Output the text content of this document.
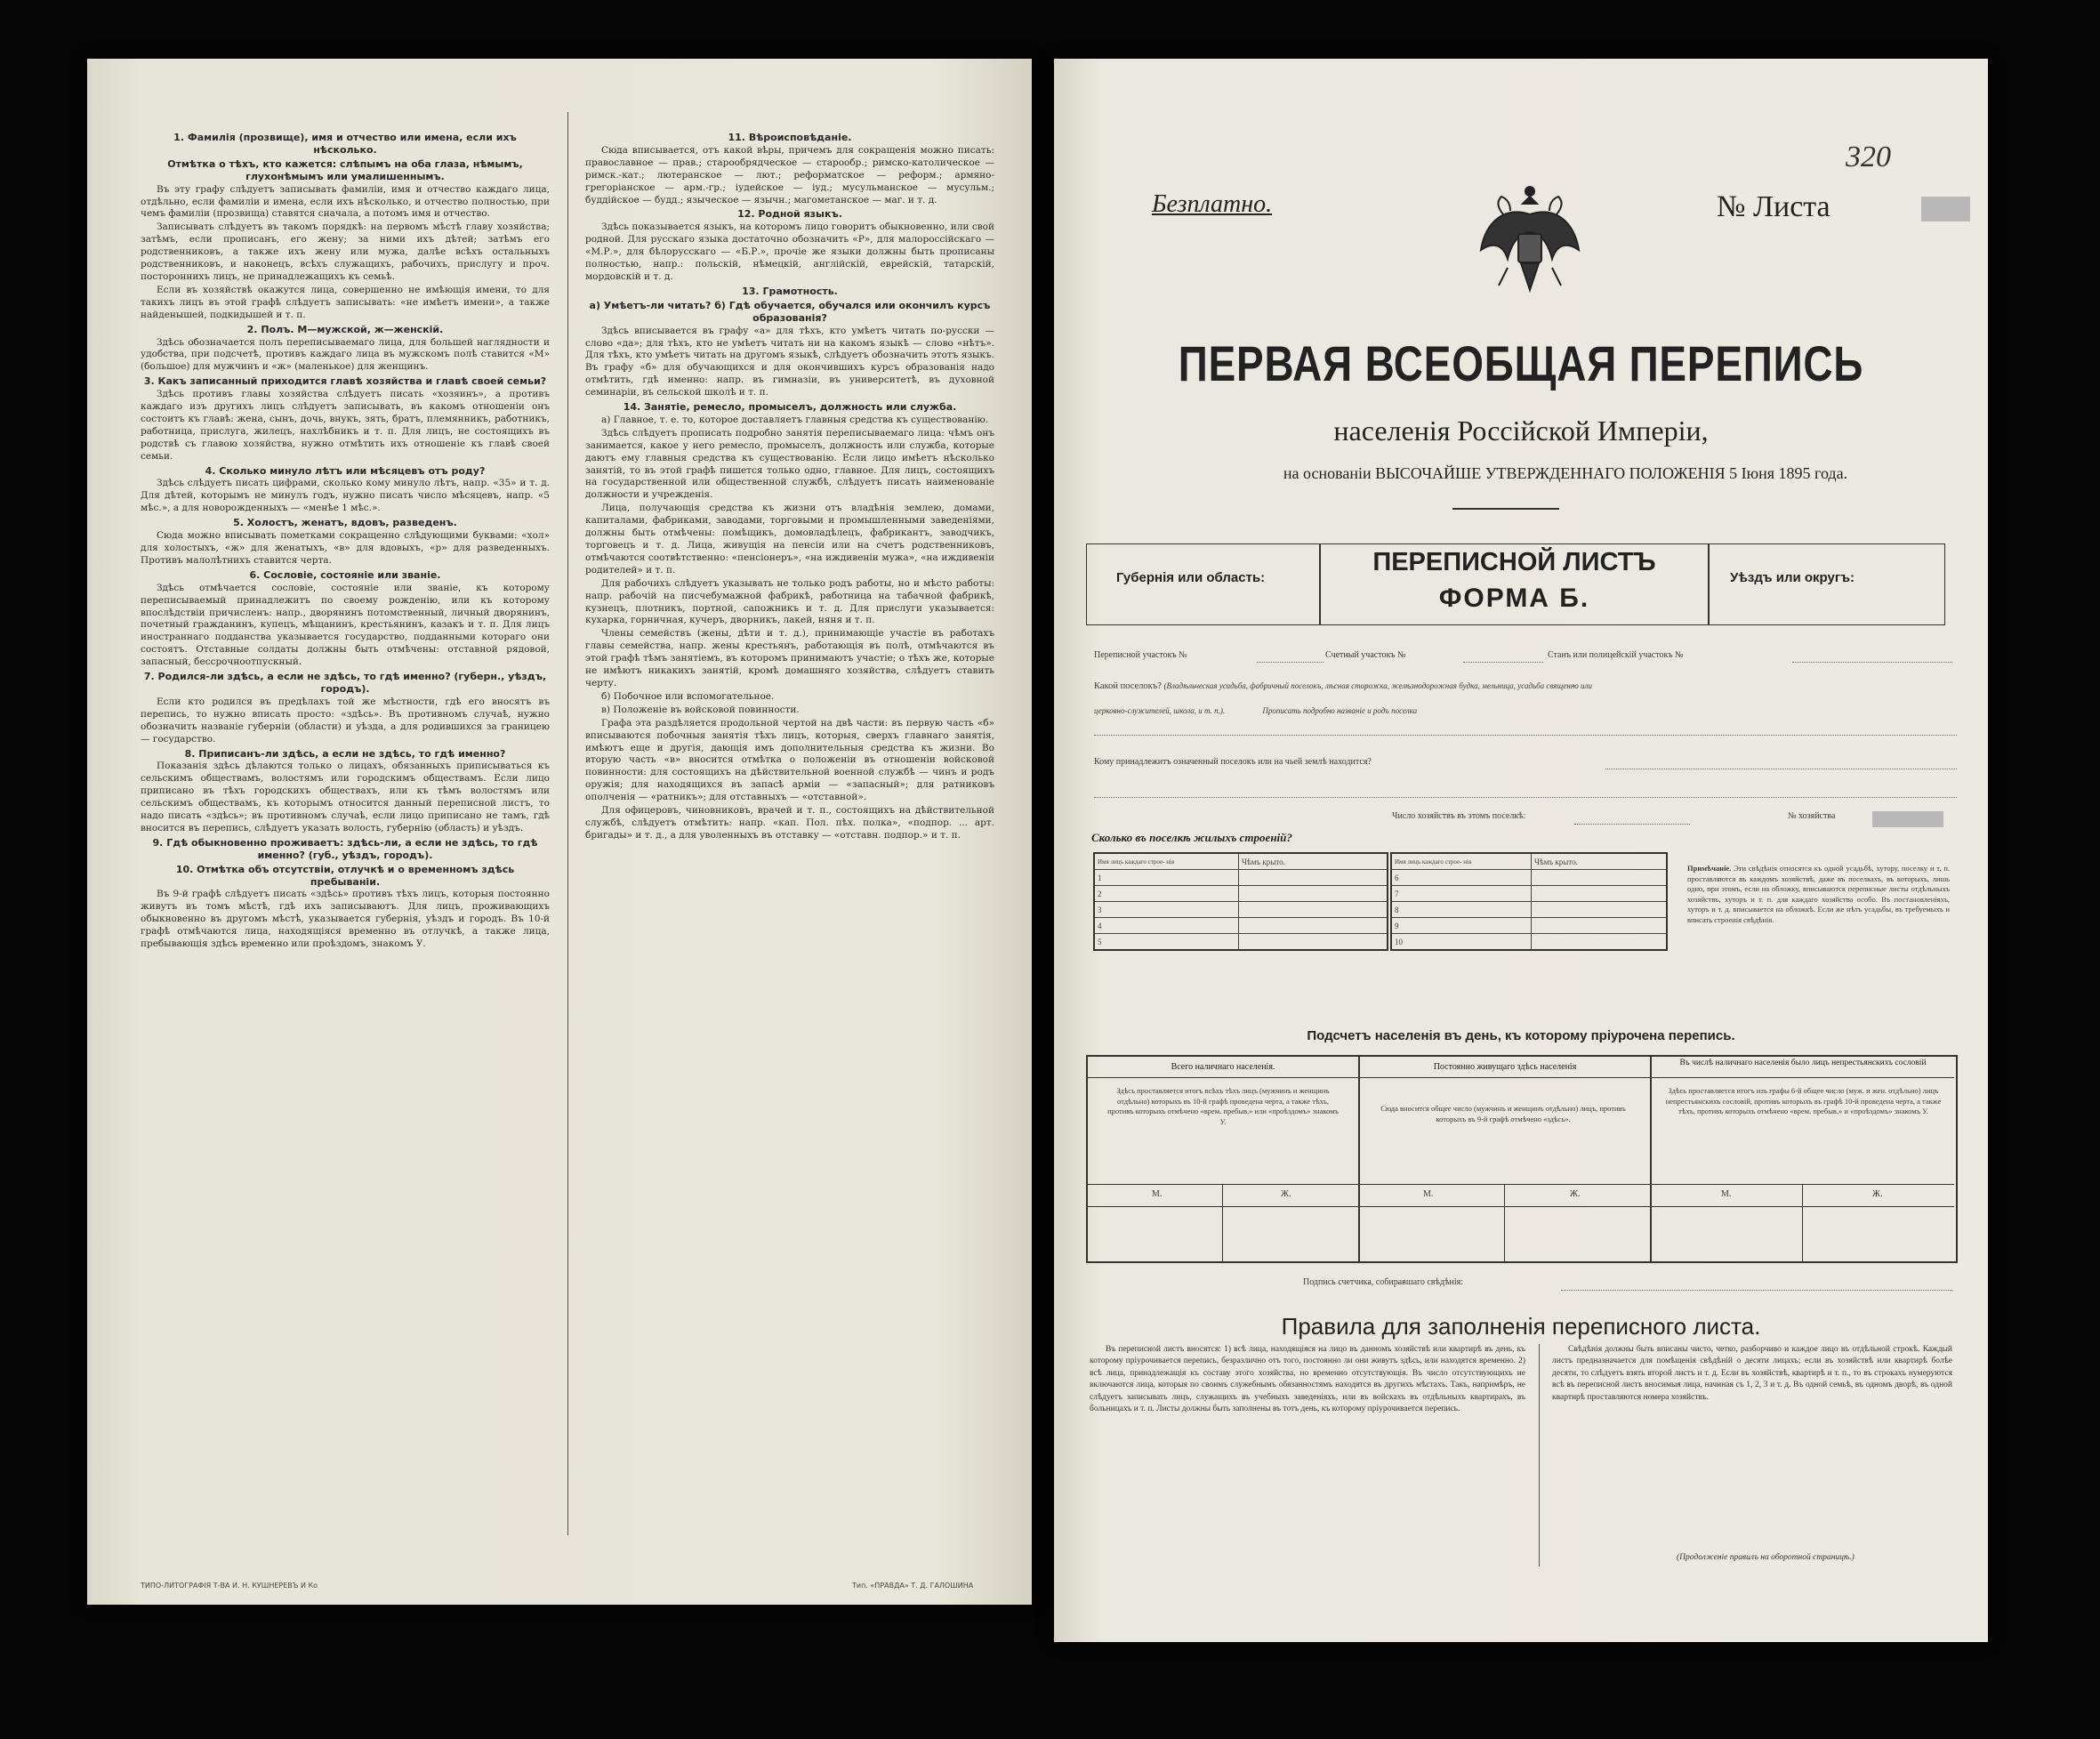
1. Фамилія (прозвище), имя и отчество или имена, если ихъ нѣсколько.
Отмѣтка о тѣхъ, кто кажется: слѣпымъ на оба глаза, нѣмымъ, глухонѣмымъ или умалишеннымъ.

Въ эту графу слѣдуетъ записывать фамиліи, имя и отчество каждаго лица, отдѣльно, если фамиліи и имена, если ихъ нѣсколько, и отчество полностью, при чемъ фамиліи (прозвища) ставятся сначала, а потомъ имя и отчество.

Записывать слѣдуетъ въ такомъ порядкѣ: на первомъ мѣстѣ главу хозяйства; затѣмъ, если прописанъ, его жену; за ними ихъ дѣтей; затѣмъ его родственниковъ, а также ихъ жену или мужа, далѣе всѣхъ остальныхъ родственниковъ, и наконецъ, всѣхъ служащихъ, рабочихъ, прислугу и проч. постороннихъ лицъ, не принадлежащихъ къ семьѣ.

Если въ хозяйствѣ окажутся лица, совершенно не имѣющія имени, то для такихъ лицъ въ этой графѣ слѣдуетъ записывать: «не имѣетъ имени», а также найденышей, подкидышей и т. п.

2. Полъ. М—мужской, ж—женскій.

Здѣсь обозначается полъ переписываемаго лица, для большей наглядности и удобства, при подсчетѣ, противъ каждаго лица въ мужскомъ полѣ ставится «М» (большое) для мужчинъ и «ж» (маленькое) для женщинъ.

3. Какъ записанный приходится главѣ хозяйства и главѣ своей семьи?

Здѣсь противъ главы хозяйства слѣдуетъ писать «хозяинъ», а противъ каждаго изъ другихъ лицъ слѣдуетъ записывать, въ какомъ отношеніи онъ состоитъ къ главѣ: жена, сынъ, дочь, внукъ, зять, братъ, племянникъ, работникъ, работница, прислуга, жилецъ, нахлѣбникъ и т. п. Для лицъ, не состоящихъ въ родствѣ съ главою хозяйства, нужно отмѣтить ихъ отношеніе къ главѣ своей семьи.

4. Сколько минуло лѣтъ или мѣсяцевъ отъ роду?

Здѣсь слѣдуетъ писать цифрами, сколько кому минуло лѣтъ, напр. «35» и т. д. Для дѣтей, которымъ не минулъ годъ, нужно писать число мѣсяцевъ, напр. «5 мѣс.», а для новорожденныхъ — «менѣе 1 мѣс.».

5. Холостъ, женатъ, вдовъ, разведенъ.

Сюда можно вписывать пометками сокращенно слѣдующими буквами: «хол» для холостыхъ, «ж» для женатыхъ, «в» для вдовыхъ, «р» для разведенныхъ. Противъ малолѣтнихъ ставится черта.

6. Сословіе, состояніе или званіе.

Здѣсь отмѣчается сословіе, состояніе или званіе, къ которому переписываемый принадлежитъ по своему рожденію, или къ которому впослѣдствіи причисленъ: напр., дворянинъ потомственный, личный дворянинъ, почетный гражданинъ, купецъ, мѣщанинъ, крестьянинъ, казакъ и т. п. Для лицъ иностраннаго подданства указывается государство, подданными котораго они состоятъ. Отставные солдаты должны быть отмѣчены: отставной рядовой, запасный, бессрочноотпускный.

7. Родился-ли здѣсь, а если не здѣсь, то гдѣ именно? (губерн., уѣздъ, городъ).

Если кто родился въ предѣлахъ той же мѣстности, гдѣ его вносятъ въ перепись, то нужно вписать просто: «здѣсь». Въ противномъ случаѣ, нужно обозначить названіе губерніи (области) и уѣзда, а для родившихся за границею — государство.

8. Приписанъ-ли здѣсь, а если не здѣсь, то гдѣ именно?

Показанія здѣсь дѣлаются только о лицахъ, обязанныхъ приписываться къ сельскимъ обществамъ, волостямъ или городскимъ обществамъ. Если лицо приписано въ тѣхъ городскихъ обществахъ, или къ тѣмъ волостямъ или сельскимъ обществамъ, къ которымъ относится данный переписной листъ, то надо писать «здѣсь»; въ противномъ случаѣ, если лицо приписано не тамъ, гдѣ вносится въ перепись, слѣдуетъ указать волость, губернію (область) и уѣздъ.

9. Гдѣ обыкновенно проживаетъ: здѣсь-ли, а если не здѣсь, то гдѣ именно? (губ., уѣздъ, городъ).
10. Отмѣтка объ отсутствіи, отлучкѣ и о временномъ здѣсь пребываніи.

Въ 9-й графѣ слѣдуетъ писать «здѣсь» противъ тѣхъ лицъ, которыя постоянно живутъ въ томъ мѣстѣ, гдѣ ихъ записываютъ. Для лицъ, проживающихъ обыкновенно въ другомъ мѣстѣ, указывается губернія, уѣздъ и городъ. Въ 10-й графѣ отмѣчаются лица, находящіяся временно въ отлучкѣ, а также лица, пребывающія здѣсь временно или проѣздомъ, знакомъ У.

11. Вѣроисповѣданіе.

Сюда вписывается, отъ какой вѣры, причемъ для сокращенія можно писать: православное — прав.; старообрядческое — старообр.; римско-католическое — римск.-кат.; лютеранское — лют.; реформатское — реформ.; армяно-грегоріанское — арм.-гр.; іудейское — іуд.; мусульманское — мусульм.; буддійское — будд.; языческое — язычн.; магометанское — маг. и т. д.

12. Родной языкъ.

Здѣсь показывается языкъ, на которомъ лицо говоритъ обыкновенно, или свой родной. Для русскаго языка достаточно обозначить «Р», для малороссійскаго — «М.Р.», для бѣлорусскаго — «Б.Р.», прочіе же языки должны быть прописаны полностью, напр.: польскій, нѣмецкій, англійскій, еврейскій, татарскій, мордовскій и т. д.

13. Грамотность.
а) Умѣетъ-ли читать? б) Гдѣ обучается, обучался или окончилъ курсъ образованія?

Здѣсь вписывается въ графу «а» для тѣхъ, кто умѣетъ читать по-русски — слово «да»; для тѣхъ, кто не умѣетъ читать ни на какомъ языкѣ — слово «нѣтъ». Для тѣхъ, кто умѣетъ читать на другомъ языкѣ, слѣдуетъ обозначить этотъ языкъ. Въ графу «б» для обучающихся и для окончившихъ курсъ образованія надо отмѣтить, гдѣ именно: напр. въ гимназіи, въ университетѣ, въ духовной семинаріи, въ сельской школѣ и т. п.

14. Занятіе, ремесло, промыселъ, должность или служба.

а) Главное, т. е. то, которое доставляетъ главныя средства къ существованію.

Здѣсь слѣдуетъ прописать подробно занятія переписываемаго лица: чѣмъ онъ занимается, какое у него ремесло, промыселъ, должность или служба, которые даютъ ему главныя средства къ существованію. Если лицо имѣетъ нѣсколько занятій, то въ этой графѣ пишется только одно, главное. Для лицъ, состоящихъ на государственной или общественной службѣ, слѣдуетъ писать наименованіе должности и учрежденія.

Лица, получающія средства къ жизни отъ владѣнія землею, домами, капиталами, фабриками, заводами, торговыми и промышленными заведеніями, должны быть отмѣчены: помѣщикъ, домовладѣлецъ, фабрикантъ, заводчикъ, торговецъ и т. д. Лица, живущія на пенсіи или на счетъ родственниковъ, отмѣчаются соотвѣтственно: «пенсіонеръ», «на иждивеніи мужа», «на иждивеніи родителей» и т. п.

Для рабочихъ слѣдуетъ указывать не только родъ работы, но и мѣсто работы: напр. рабочій на писчебумажной фабрикѣ, работница на табачной фабрикѣ, кузнецъ, плотникъ, портной, сапожникъ и т. д. Для прислуги указывается: кухарка, горничная, кучеръ, дворникъ, лакей, няня и т. п.

Члены семействъ (жены, дѣти и т. д.), принимающіе участіе въ работахъ главы семейства, напр. жены крестьянъ, работающія въ полѣ, отмѣчаются въ этой графѣ тѣмъ занятіемъ, въ которомъ принимаютъ участіе; о тѣхъ же, которые не имѣютъ никакихъ занятій, кромѣ домашняго хозяйства, слѣдуетъ ставить черту.

б) Побочное или вспомогательное.

в) Положеніе въ войсковой повинности.

Графа эта раздѣляется продольной чертой на двѣ части: въ первую часть «б» вписываются побочныя занятія тѣхъ лицъ, которыя, сверхъ главнаго занятія, имѣютъ еще и другія, дающія имъ дополнительныя средства къ жизни. Во вторую часть «в» вносится отмѣтка о положеніи въ отношеніи войсковой повинности: для состоящихъ на дѣйствительной военной службѣ — чинъ и родъ оружія; для находящихся въ запасѣ арміи — «запасный»; для ратниковъ ополченія — «ратникъ»; для отставныхъ — «отставной».

Для офицеровъ, чиновниковъ, врачей и т. п., состоящихъ на дѣйствительной службѣ, слѣдуетъ отмѣтить: напр. «кап. Пол. пѣх. полка», «подпор. ... арт. бригады» и т. д., а для уволенныхъ въ отставку — «отставн. подпор.» и т. п.

ТИПО-ЛИТОГРАФІЯ Т-ВА И. Н. КУШНЕРЕВЪ И Ко	Тип. «ПРАВДА» Т. Д. ГАЛОШИНА
Безплатно.	№ Листа
320
ПЕРВАЯ ВСЕОБЩАЯ ПЕРЕПИСЬ
населенія Россійской Имперіи,
на основаніи ВЫСОЧАЙШЕ УТВЕРЖДЕННАГО ПОЛОЖЕНІЯ 5 Іюня 1895 года.
Губернія или область:
ПЕРЕПИСНОЙ ЛИСТЪ
ФОРМА Б.
Уѣздъ или округъ:
Переписной участокъ №	Счетный участокъ №	Станъ или полицейскій участокъ №
Какой поселокъ? (Владѣльческая усадьба, фабричный поселокъ, лѣсная сторожка, желѣзнодорожная будка, мельница, усадьба священно или
церковно-служителей, школа, и т. п.).	Прописать подробно названіе и родъ поселка
Кому принадлежитъ означенный поселокъ или на чьей землѣ находится?
Число хозяйствъ въ этомъ поселкѣ:	№ хозяйства
Сколько въ поселкѣ жилыхъ строеній?
Имя лицъ каждаго строе- нія	Чѣмъ крыто.
1	
2	
3	
4	
5	
Имя лицъ каждаго строе- нія	Чѣмъ крыто.
6	
7	
8	
9	
10	
Примѣчаніе. Эти свѣдѣнія относятся къ одной усадьбѣ, хутору, поселку и т. п. проставляются въ каждомъ хозяйствѣ, даже въ поселкахъ, въ которыхъ, лишь одно, при этомъ, если на обложку, вписываются переписные листы отдѣльныхъ хозяйствъ, хуторъ и т. п. для каждаго хозяйства особо. Въ постановленіяхъ, хуторъ и т. д. вписывается на обложкѣ. Если же нѣтъ усадьбы, въ требуемыхъ и вписать строенія свѣдѣнія.
Подсчетъ населенія въ день, къ которому пріурочена перепись.
Всего наличнаго населенія.	Постоянно живущаго здѣсь населенія	Въ числѣ наличнаго населенія было лицъ непрестьянскихъ сословій
Здѣсь проставляется итогъ всѣхъ тѣхъ лицъ (мужчинъ и женщинъ отдѣльно) которыхъ въ 10-й графѣ проведена черта, а также тѣхъ, противъ которыхъ отмѣчено «врем. пребыв.» или «проѣздомъ» знакомъ У.
Сюда вносится общее число (мужчинъ и женщинъ отдѣльно) лицъ, противъ которыхъ въ 9-й графѣ отмѣчено «здѣсь».
Здѣсь проставляется итогъ изъ графы 6-й общее число (муж. и жен. отдѣльно) лицъ непрестьянскихъ сословій, противъ которыхъ въ графѣ 10-й проведена черта, а также тѣхъ, противъ которыхъ отмѣчено «врем. пребыв.» и «проѣздомъ» знакомъ У.
М.	Ж.	М.	Ж.	М.	Ж.
Подпись счетчика, собиравшаго свѣдѣнія:
Правила для заполненія переписного листа.
Въ переписной листъ вносятся: 1) всѣ лица, находящіяся на лицо въ данномъ хозяйствѣ или квартирѣ въ день, къ которому пріурочивается перепись, безразлично отъ того, постоянно ли они живутъ здѣсь, или находятся временно. 2) всѣ лица, принадлежащія къ составу этого хозяйства, но временно отсутствующія. Въ число отсутствующихъ не включаются лица, которыя по своимъ служебнымъ обязанностямъ находятся въ другихъ мѣстахъ. Такъ, напримѣръ, не слѣдуетъ записывать лицъ, служащихъ въ учебныхъ заведеніяхъ, или въ войскахъ въ отдѣльныхъ квартирахъ, въ больницахъ и т. п. Листы должны быть заполнены въ тотъ день, къ которому пріурочивается перепись.
Свѣдѣнія должны быть вписаны чисто, четко, разборчиво и каждое лицо въ отдѣльной строкѣ. Каждый листъ предназначается для помѣщенія свѣдѣній о десяти лицахъ; если въ хозяйствѣ или квартирѣ болѣе десяти, то слѣдуетъ взять второй листъ и т. д. Если въ хозяйствѣ, квартирѣ и т. п., то въ строкахъ нумеруются всѣ въ переписной листъ вносимыя лица, начиная съ 1, 2, 3 и т. д. Въ одной семьѣ, въ одномъ дворѣ, въ одной квартирѣ проставляются номера хозяйствъ.
(Продолженіе правилъ на оборотной страницѣ.)
